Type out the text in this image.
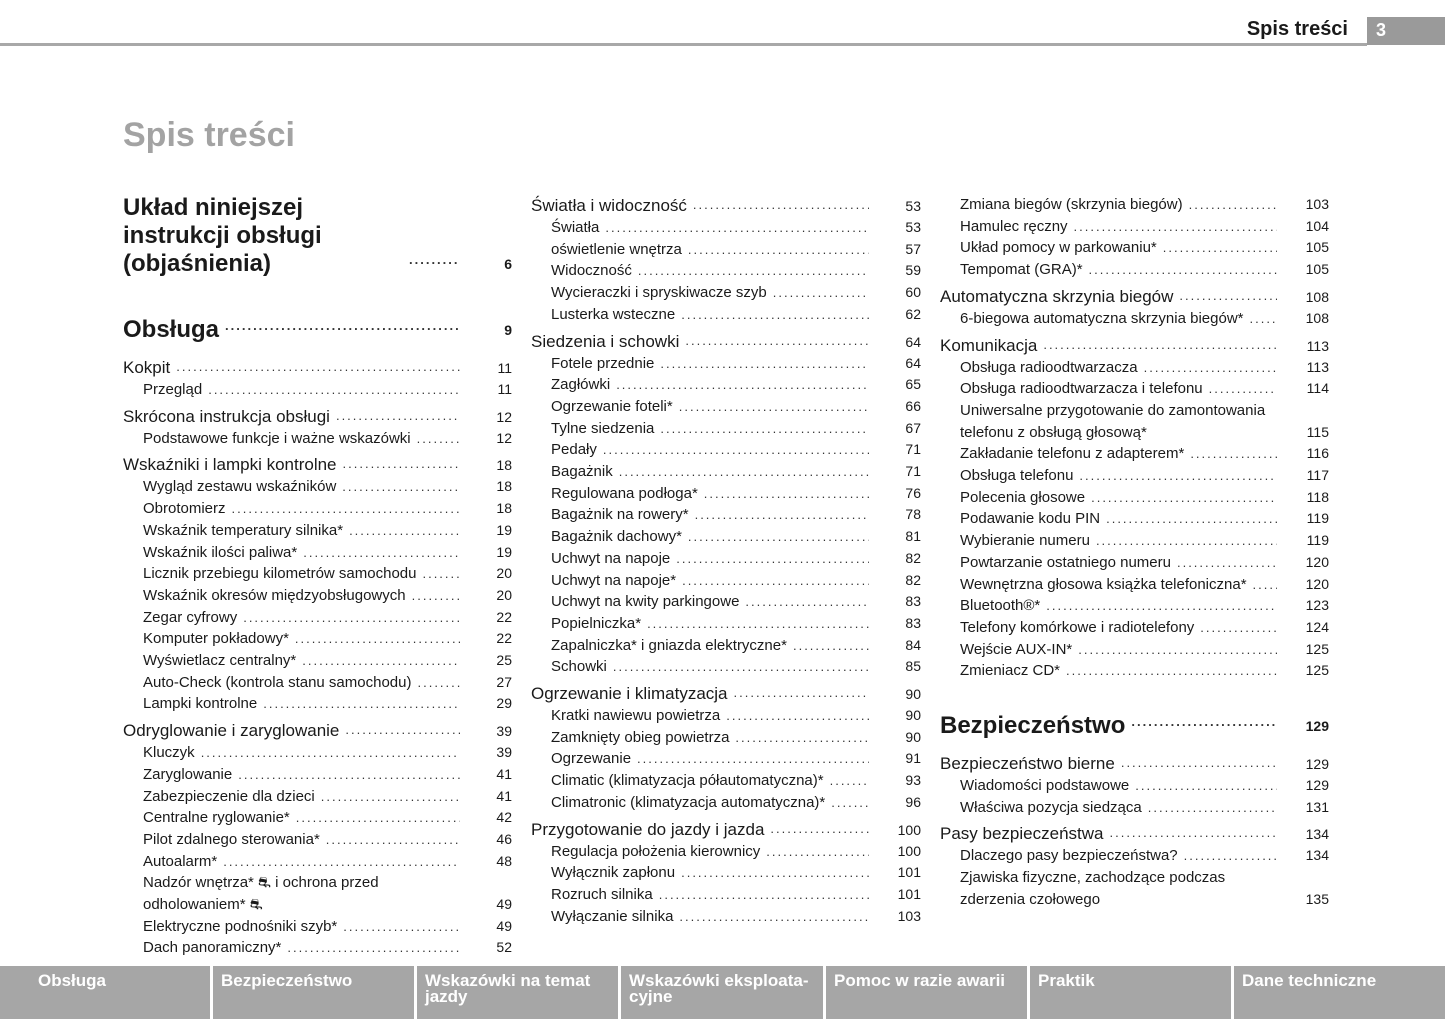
Spis treści	3
Spis treści
Układ niniejszej instrukcji obsługi (objaśnienia) .....	6
Obsługa .....	9
Kokpit .....	11
Przegląd .....	11
Skrócona instrukcja obsługi .....	12
Podstawowe funkcje i ważne wskazówki .....	12
Wskaźniki i lampki kontrolne .....	18
Wygląd zestawu wskaźników .....	18
Obrotomierz .....	18
Wskaźnik temperatury silnika* .....	19
Wskaźnik ilości paliwa* .....	19
Licznik przebiegu kilometrów samochodu .....	20
Wskaźnik okresów międzyobsługowych .....	20
Zegar cyfrowy .....	22
Komputer pokładowy* .....	22
Wyświetlacz centralny* .....	25
Auto-Check (kontrola stanu samochodu) .....	27
Lampki kontrolne .....	29
Odryglowanie i zaryglowanie .....	39
Kluczyk .....	39
Zaryglowanie .....	41
Zabezpieczenie dla dzieci .....	41
Centralne ryglowanie* .....	42
Pilot zdalnego sterowania* .....	46
Autoalarm* .....	48
Nadzór wnętrza* ⛐ i ochrona przed odholowaniem* ⛐	49
Elektryczne podnośniki szyb* .....	49
Dach panoramiczny* .....	52
Światła i widoczność .....	53
Światła .....	53
oświetlenie wnętrza .....	57
Widoczność .....	59
Wycieraczki i spryskiwacze szyb .....	60
Lusterka wsteczne .....	62
Siedzenia i schowki .....	64
Fotele przednie .....	64
Zagłówki .....	65
Ogrzewanie foteli* .....	66
Tylne siedzenia .....	67
Pedały .....	71
Bagażnik .....	71
Regulowana podłoga* .....	76
Bagażnik na rowery* .....	78
Bagażnik dachowy* .....	81
Uchwyt na napoje .....	82
Uchwyt na napoje* .....	82
Uchwyt na kwity parkingowe .....	83
Popielniczka* .....	83
Zapalniczka* i gniazda elektryczne* .....	84
Schowki .....	85
Ogrzewanie i klimatyzacja .....	90
Kratki nawiewu powietrza .....	90
Zamknięty obieg powietrza .....	90
Ogrzewanie .....	91
Climatic (klimatyzacja półautomatyczna)* .....	93
Climatronic (klimatyzacja automatyczna)* .....	96
Przygotowanie do jazdy i jazda .....	100
Regulacja położenia kierownicy .....	100
Wyłącznik zapłonu .....	101
Rozruch silnika .....	101
Wyłączanie silnika .....	103
Zmiana biegów (skrzynia biegów) .....	103
Hamulec ręczny .....	104
Układ pomocy w parkowaniu* .....	105
Tempomat (GRA)* .....	105
Automatyczna skrzynia biegów .....	108
6-biegowa automatyczna skrzynia biegów* .....	108
Komunikacja .....	113
Obsługa radioodtwarzacza .....	113
Obsługa radioodtwarzacza i telefonu .....	114
Uniwersalne przygotowanie do zamontowania telefonu z obsługą głosową*	115
Zakładanie telefonu z adapterem* .....	116
Obsługa telefonu .....	117
Polecenia głosowe .....	118
Podawanie kodu PIN .....	119
Wybieranie numeru .....	119
Powtarzanie ostatniego numeru .....	120
Wewnętrzna głosowa książka telefoniczna* .....	120
Bluetooth®* .....	123
Telefony komórkowe i radiotelefony .....	124
Wejście AUX-IN* .....	125
Zmieniacz CD* .....	125
Bezpieczeństwo .....	129
Bezpieczeństwo bierne .....	129
Wiadomości podstawowe .....	129
Właściwa pozycja siedząca .....	131
Pasy bezpieczeństwa .....	134
Dlaczego pasy bezpieczeństwa? .....	134
Zjawiska fizyczne, zachodzące podczas zderzenia czołowego	135
Obsługa	Bezpieczeństwo	Wskazówki na temat jazdy
Wskazówki eksploata-cyjne
Pomoc w razie awarii	Praktik	Dane techniczne
